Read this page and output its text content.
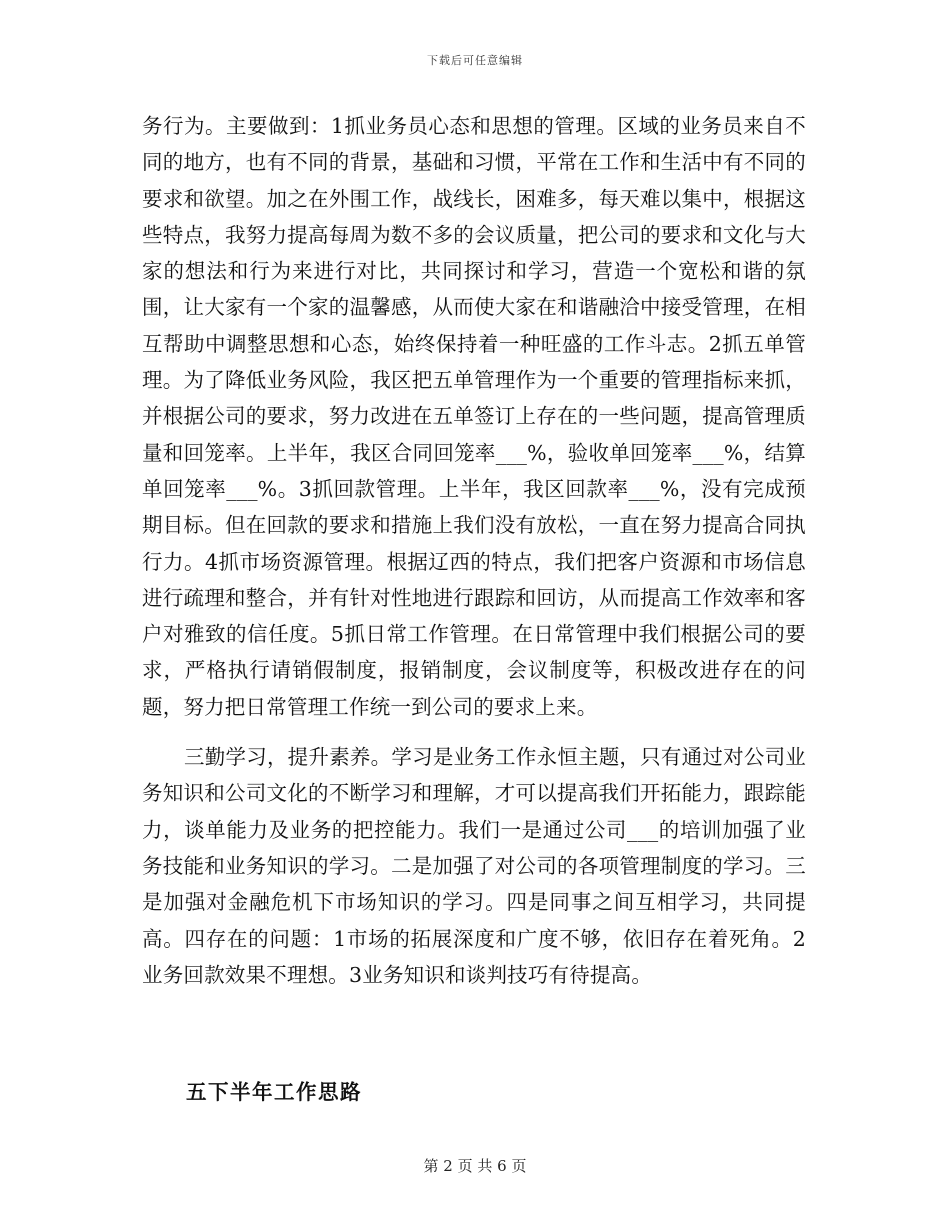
下载后可任意编辑

务行为。主要做到：1抓业务员心态和思想的管理。区域的业务员来自不同的地方，也有不同的背景，基础和习惯，平常在工作和生活中有不同的要求和欲望。加之在外围工作，战线长，困难多，每天难以集中，根据这些特点，我努力提高每周为数不多的会议质量，把公司的要求和文化与大家的想法和行为来进行对比，共同探讨和学习，营造一个宽松和谐的氛围，让大家有一个家的温馨感，从而使大家在和谐融洽中接受管理，在相互帮助中调整思想和心态，始终保持着一种旺盛的工作斗志。2抓五单管理。为了降低业务风险，我区把五单管理作为一个重要的管理指标来抓，并根据公司的要求，努力改进在五单签订上存在的一些问题，提高管理质量和回笼率。上半年，我区合同回笼率___%，验收单回笼率___%，结算单回笼率___%。3抓回款管理。上半年，我区回款率___%，没有完成预期目标。但在回款的要求和措施上我们没有放松，一直在努力提高合同执行力。4抓市场资源管理。根据辽西的特点，我们把客户资源和市场信息进行疏理和整合，并有针对性地进行跟踪和回访，从而提高工作效率和客户对雅致的信任度。5抓日常工作管理。在日常管理中我们根据公司的要求，严格执行请销假制度，报销制度，会议制度等，积极改进存在的问题，努力把日常管理工作统一到公司的要求上来。

三勤学习，提升素养。学习是业务工作永恒主题，只有通过对公司业务知识和公司文化的不断学习和理解，才可以提高我们开拓能力，跟踪能力，谈单能力及业务的把控能力。我们一是通过公司___的培训加强了业务技能和业务知识的学习。二是加强了对公司的各项管理制度的学习。三是加强对金融危机下市场知识的学习。四是同事之间互相学习，共同提高。四存在的问题：1市场的拓展深度和广度不够，依旧存在着死角。2业务回款效果不理想。3业务知识和谈判技巧有待提高。

五下半年工作思路
第 2 页 共 6 页
